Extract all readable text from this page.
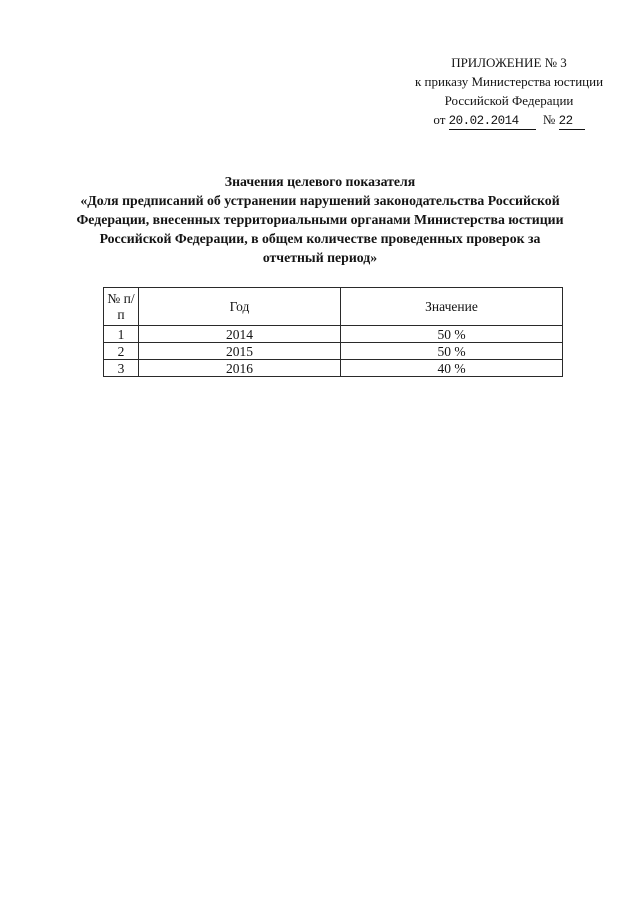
ПРИЛОЖЕНИЕ № 3
к приказу Министерства юстиции
Российской Федерации
от 20.02.2014 № 22
Значения целевого показателя
«Доля предписаний об устранении нарушений законодательства Российской
Федерации, внесенных территориальными органами Министерства юстиции
Российской Федерации, в общем количестве проведенных проверок за
отчетный период»
№ п/п	Год	Значение
1	2014	50 %
2	2015	50 %
3	2016	40 %
